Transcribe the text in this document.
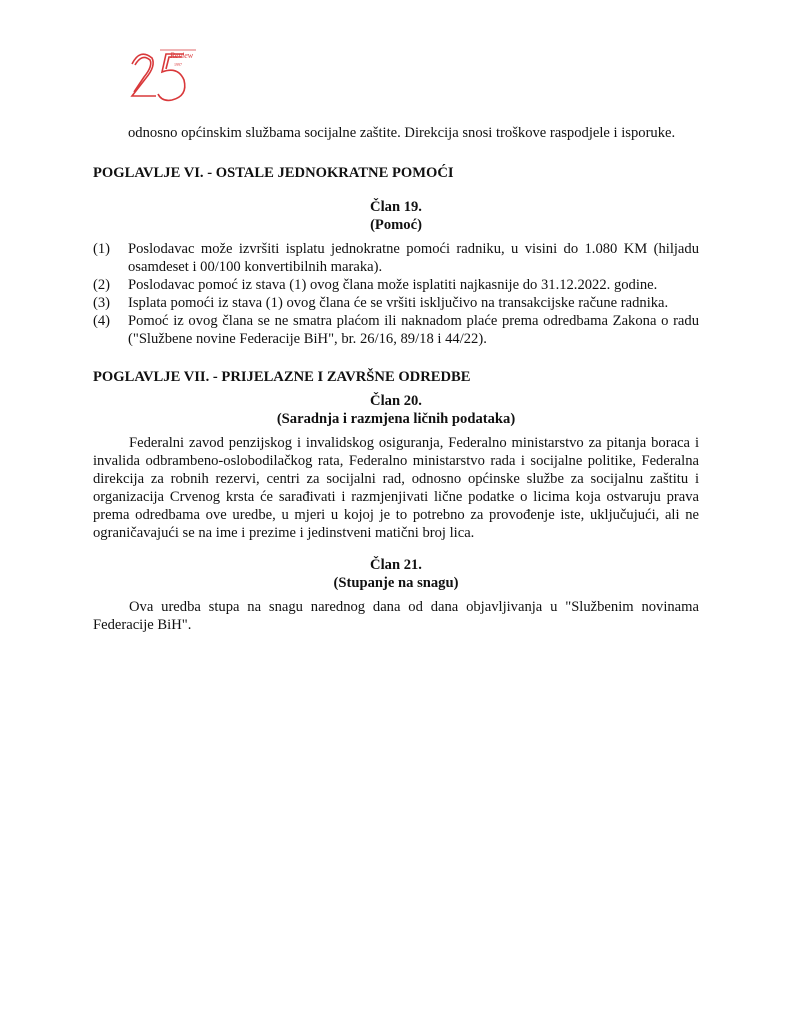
Review
1997

odnosno općinskim službama socijalne zaštite. Direkcija snosi troškove raspodjele i isporuke.

POGLAVLJE VI. - OSTALE JEDNOKRATNE POMOĆI

Član 19.

(Pomoć)

(1)	Poslodavac može izvršiti isplatu jednokratne pomoći radniku, u visini do 1.080 KM (hiljadu osamdeset i 00/100 konvertibilnih maraka).
(2)	Poslodavac pomoć iz stava (1) ovog člana može isplatiti najkasnije do 31.12.2022. godine.
(3)	Isplata pomoći iz stava (1) ovog člana će se vršiti isključivo na transakcijske račune radnika.
(4)	Pomoć iz ovog člana se ne smatra plaćom ili naknadom plaće prema odredbama Zakona o radu ("Službene novine Federacije BiH", br. 26/16, 89/18 i 44/22).

POGLAVLJE VII. - PRIJELAZNE I ZAVRŠNE ODREDBE

Član 20.

(Saradnja i razmjena ličnih podataka)

Federalni zavod penzijskog i invalidskog osiguranja, Federalno ministarstvo za pitanja boraca i invalida odbrambeno-oslobodilačkog rata, Federalno ministarstvo rada i socijalne politike, Federalna direkcija za robnih rezervi, centri za socijalni rad, odnosno općinske službe za socijalnu zaštitu i organizacija Crvenog krsta će sarađivati i razmjenjivati lične podatke o licima koja ostvaruju prava prema odredbama ove uredbe, u mjeri u kojoj je to potrebno za provođenje iste, uključujući, ali ne ograničavajući se na ime i prezime i jedinstveni matični broj lica.

Član 21.

(Stupanje na snagu)

Ova uredba stupa na snagu narednog dana od dana objavljivanja u "Službenim novinama Federacije BiH".
